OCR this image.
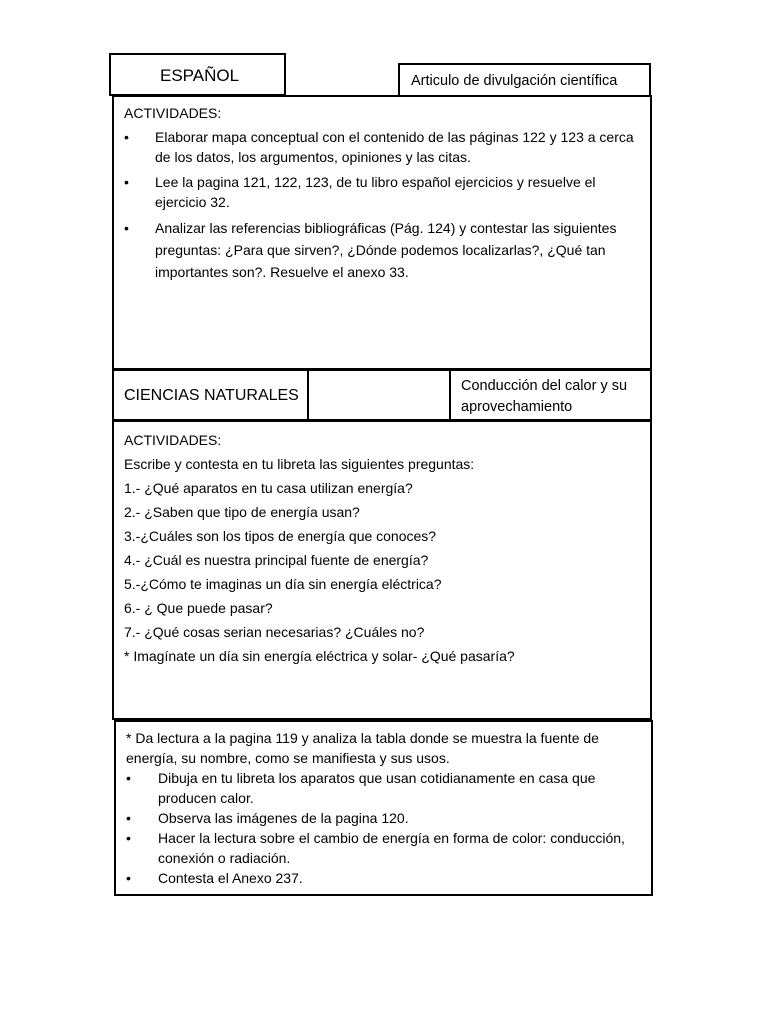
ESPAÑOL	Articulo de divulgación científica
ACTIVIDADES:
• Elaborar mapa conceptual con el contenido de las páginas 122 y 123 a cerca de los datos, los argumentos, opiniones y las citas.
• Lee la pagina 121, 122, 123, de tu libro español ejercicios y resuelve el ejercicio 32.
• Analizar las referencias bibliográficas (Pág. 124) y contestar las siguientes preguntas: ¿Para que sirven?, ¿Dónde podemos localizarlas?, ¿Qué tan importantes son?. Resuelve el anexo 33.
CIENCIAS NATURALES
Conducción del calor y su aprovechamiento
ACTIVIDADES:
Escribe y contesta en tu libreta las siguientes preguntas:
1.- ¿Qué aparatos en tu casa utilizan energía?
2.- ¿Saben que tipo de energía usan?
3.-¿Cuáles son los tipos de energía que conoces?
4.- ¿Cuál es nuestra principal fuente de energía?
5.-¿Cómo te imaginas un día sin energía eléctrica?
6.- ¿ Que puede pasar?
7.- ¿Qué cosas serian necesarias? ¿Cuáles no?
* Imagínate un día sin energía eléctrica y solar- ¿Qué pasaría?
* Da lectura a la pagina 119 y analiza la tabla donde se muestra la fuente de energía, su nombre, como se manifiesta y sus usos.
• Dibuja en tu libreta los aparatos que usan cotidianamente en casa que producen calor.
• Observa las imágenes de la pagina 120.
• Hacer la lectura sobre el cambio de energía en forma de color: conducción, conexión o radiación.
• Contesta el Anexo 237.
